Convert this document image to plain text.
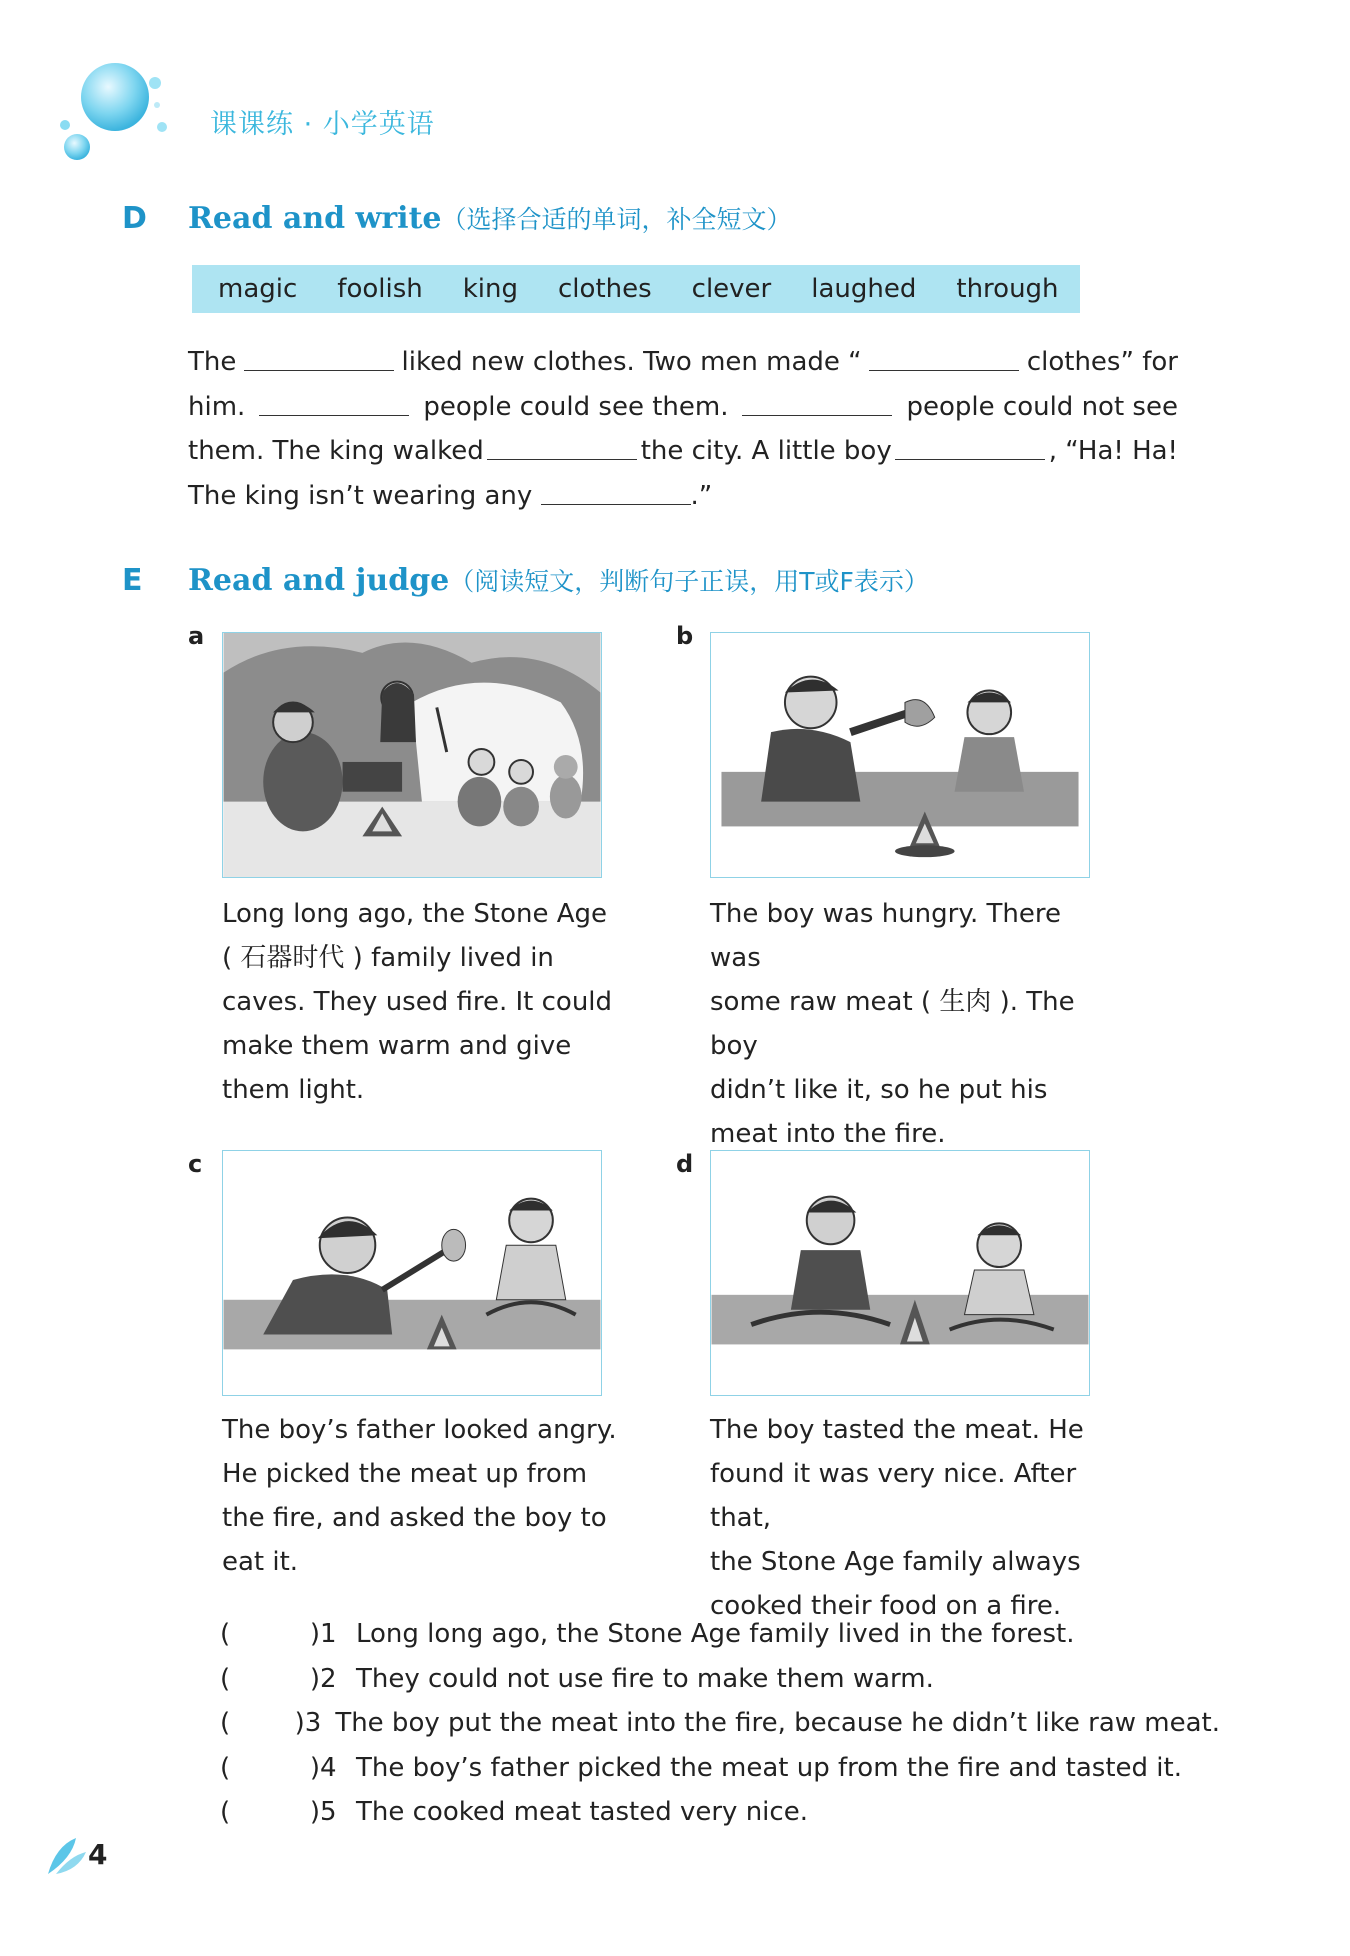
课课练 · 小学英语
D Read and write（选择合适的单词，补全短文）
magic foolish king clothes clever laughed through
The	liked new clothes. Two men made “	clothes” for
him.	people could see them.	people could not see
them. The king walked	the city. A little boy	, “Ha! Ha!
The king isn’t wearing any
	.”
E Read and judge（阅读短文，判断句子正误，用T或F表示）
a

Long long ago, the Stone Age

( 石器时代 ) family lived in

caves. They used fire. It could

make them warm and give

them light.

b

The boy was hungry. There was

some raw meat ( 生肉 ). The boy

didn’t like it, so he put his

meat into the fire.

c

The boy’s father looked angry.

He picked the meat up from

the fire, and asked the boy to

eat it.

d

The boy tasted the meat. He

found it was very nice. After that,

the Stone Age family always

cooked their food on a fire.

(	) 1 Long long ago, the Stone Age family lived in the forest.
(	) 2 They could not use fire to make them warm.
( ) 3 The boy put the meat into the fire, because he didn’t like raw meat.
(	) 4 The boy’s father picked the meat up from the fire and tasted it.
(	) 5 The cooked meat tasted very nice.
4
